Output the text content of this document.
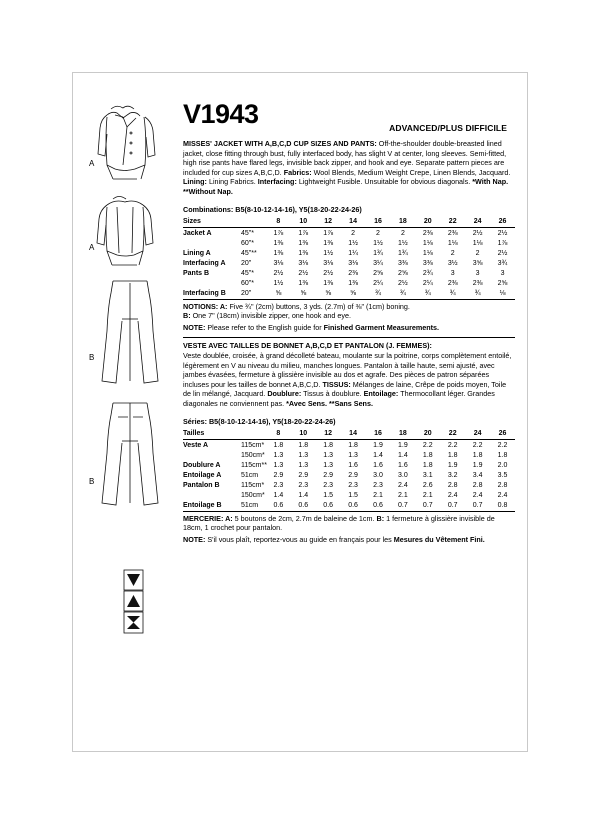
V1943	ADVANCED/PLUS DIFFICILE
A
A
B
B

MISSES' JACKET WITH A,B,C,D CUP SIZES AND PANTS: Off-the-shoulder double-breasted lined jacket, close fitting through bust, fully interfaced body, has slight V at center, long sleeves. Semi-fitted, high rise pants have flared legs, invisible back zipper, and hook and eye. Separate pattern pieces are included for cup sizes A,B,C,D. Fabrics: Wool Blends, Medium Weight Crepe, Linen Blends, Jacquard. Lining: Lining Fabrics. Interfacing: Lightweight Fusible. Unsuitable for obvious diagonals. *With Nap. **Without Nap.

Combinations: B5(8-10-12-14-16), Y5(18-20-22-24-26)
Sizes		8	10	12	14	16	18	20	22	24	26
Jacket A	45"*	1⅞	1⅞	1⅞	2	2	2	2⅜	2⅜	2½	2½
	60"*	1⅜	1⅜	1⅜	1½	1½	1½	1⅛	1⅛	1⅛	1⅞
Lining A	45"**	1⅜	1⅜	1½	1¼	1¾	1¾	1⅛	2	2	2½
Interfacing A	20"	3⅛	3⅛	3⅛	3⅛	3¼	3⅜	3⅜	3½	3⅝	3¾
Pants B	45"*	2½	2½	2½	2⅜	2⅝	2⅝	2¾	3	3	3
	60"*	1½	1⅜	1⅜	1⅜	2¼	2½	2¼	2⅜	2⅜	2⅝
Interfacing B	20"	⅝	⅝	⅝	⅝	¾	¾	¾	¾	¾	⅛

NOTIONS: A: Five ¾" (2cm) buttons, 3 yds. (2.7m) of ⅜" (1cm) boning.

B: One 7" (18cm) invisible zipper, one hook and eye.

NOTE: Please refer to the English guide for Finished Garment Measurements.

VESTE AVEC TAILLES DE BONNET A,B,C,D ET PANTALON (J. FEMMES):

Veste doublée, croisée, à grand décolleté bateau, moulante sur la poitrine, corps complètement entoilé, légèrement en V au niveau du milieu, manches longues. Pantalon à taille haute, semi ajusté, avec jambes évasées, fermeture à glissière invisible au dos et agrafe. Des pièces de patron séparées incluses pour les tailles de bonnet A,B,C,D. TISSUS: Mélanges de laine, Crêpe de poids moyen, Toile de lin mélangé, Jacquard. Doublure: Tissus à doublure. Entoilage: Thermocollant léger. Grandes diagonales ne conviennent pas. *Avec Sens. **Sans Sens.

Séries: B5(8-10-12-14-16), Y5(18-20-22-24-26)
Tailles		8	10	12	14	16	18	20	22	24	26
Veste A	115cm*	1.8	1.8	1.8	1.8	1.9	1.9	2.2	2.2	2.2	2.2
	150cm*	1.3	1.3	1.3	1.3	1.4	1.4	1.8	1.8	1.8	1.8
Doublure A	115cm**	1.3	1.3	1.3	1.6	1.6	1.6	1.8	1.9	1.9	2.0
Entoilage A	51cm	2.9	2.9	2.9	2.9	3.0	3.0	3.1	3.2	3.4	3.5
Pantalon B	115cm*	2.3	2.3	2.3	2.3	2.3	2.4	2.6	2.8	2.8	2.8
	150cm*	1.4	1.4	1.5	1.5	2.1	2.1	2.1	2.4	2.4	2.4
Entoilage B	51cm	0.6	0.6	0.6	0.6	0.6	0.7	0.7	0.7	0.7	0.8

MERCERIE: A: 5 boutons de 2cm, 2.7m de baleine de 1cm. B: 1 fermeture à glissière invisible de 18cm, 1 crochet pour pantalon.

NOTE: S'il vous plaît, reportez-vous au guide en français pour les Mesures du Vêtement Fini.
